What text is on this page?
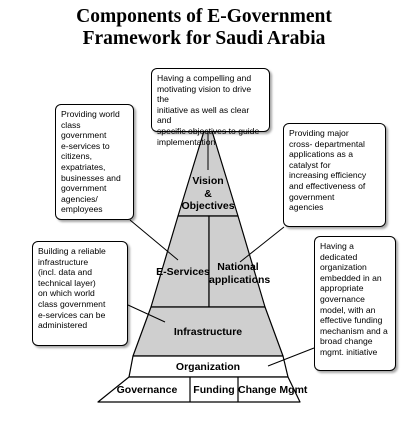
Components of E-Government
Framework for Saudi Arabia
Vision
&
Objectives
E-Services National
applications
Infrastructure
Organization
Governance	Funding Change Mgmt
Having a compelling and
motivating vision to drive the
initiative as well as clear and
specific objectives to guide
implementation
Providing world
class government
e-services to
citizens,
expatriates,
businesses and
government
agencies/
employees
Providing major
cross- departmental
applications as a
catalyst for
increasing efficiency
and effectiveness of
government
agencies
Building a reliable
infrastructure
(incl. data and
technical layer)
on which world
class government
e-services can be
administered
Having a
dedicated
organization
embedded in an
appropriate
governance
model, with an
effective funding
mechanism and a
broad change
mgmt. initiative
